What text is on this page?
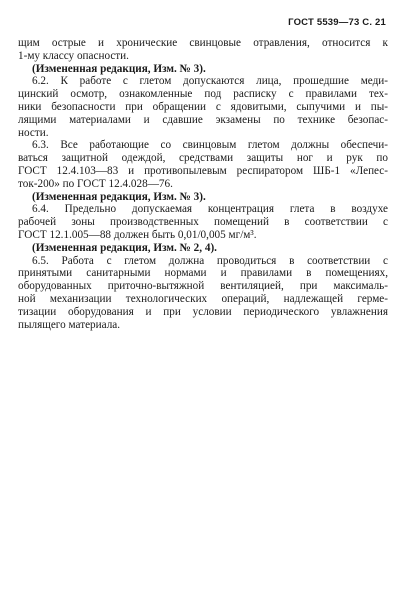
ГОСТ 5539—73 С. 21

щим острые и хронические свинцовые отравления, относится к
1-му классу опасности.

(Измененная редакция, Изм. № 3).

6.2. К работе с глетом допускаются лица, прошедшие меди-
цинский осмотр, ознакомленные под расписку с правилами тех-
ники безопасности при обращении с ядовитыми, сыпучими и пы-
лящими материалами и сдавшие экзамены по технике безопас-
ности.

6.3. Все работающие со свинцовым глетом должны обеспечи-
ваться защитной одеждой, средствами защиты ног и рук по
ГОСТ 12.4.103—83 и противопылевым респиратором ШБ-1 «Лепес-
ток-200» по ГОСТ 12.4.028—76.

(Измененная редакция, Изм. № 3).

6.4. Предельно допускаемая концентрация глета в воздухе
рабочей зоны производственных помещений в соответствии с
ГОСТ 12.1.005—88 должен быть 0,01/0,005 мг/м³.

(Измененная редакция, Изм. № 2, 4).

6.5. Работа с глетом должна проводиться в соответствии с
принятыми санитарными нормами и правилами в помещениях,
оборудованных приточно-вытяжной вентиляцией, при максималь-
ной механизации технологических операций, надлежащей герме-
тизации оборудования и при условии периодического увлажнения
пылящего материала.
